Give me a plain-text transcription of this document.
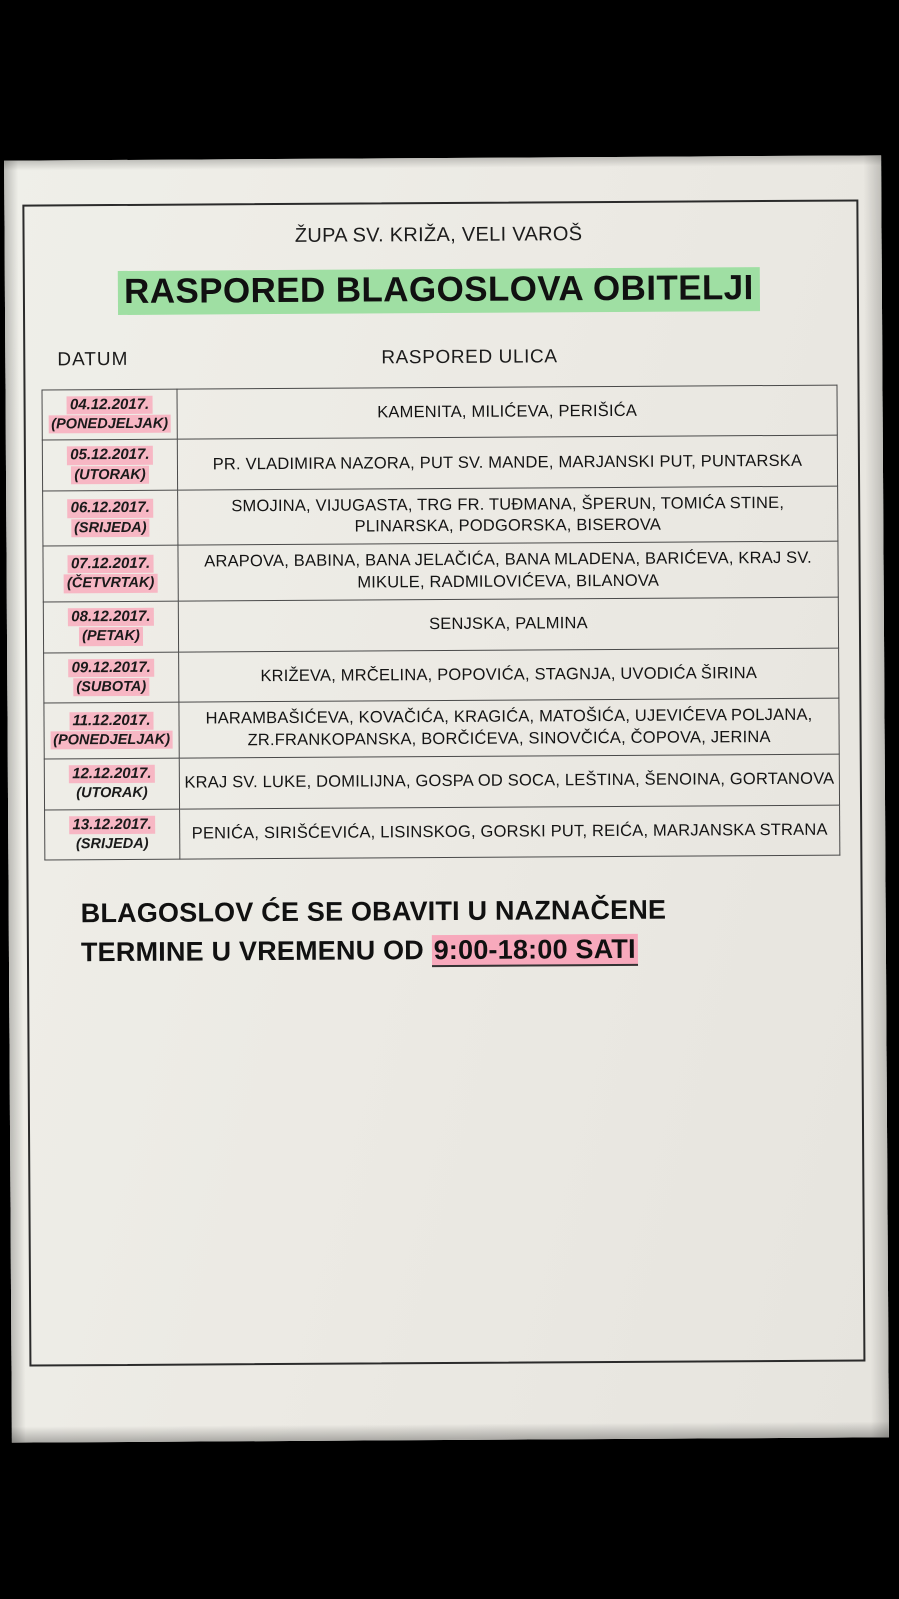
ŽUPA SV. KRIŽA, VELI VAROŠ
RASPORED BLAGOSLOVA OBITELJI
DATUM	RASPORED ULICA
04.12.2017.
(PONEDJELJAK)	KAMENITA, MILIĆEVA, PERIŠIĆA

05.12.2017.
(UTORAK)	PR. VLADIMIRA NAZORA, PUT SV. MANDE, MARJANSKI PUT, PUNTARSKA

06.12.2017.
(SRIJEDA)	SMOJINA, VIJUGASTA, TRG FR. TUĐMANA, ŠPERUN, TOMIĆA STINE, PLINARSKA, PODGORSKA, BISEROVA

07.12.2017.
(ČETVRTAK)	ARAPOVA, BABINA, BANA JELAČIĆA, BANA MLADENA, BARIĆEVA, KRAJ SV. MIKULE, RADMILOVIĆEVA, BILANOVA

08.12.2017.
(PETAK)	SENJSKA, PALMINA

09.12.2017.
(SUBOTA)	KRIŽEVA, MRČELINA, POPOVIĆA, STAGNJA, UVODIĆA ŠIRINA

11.12.2017.
(PONEDJELJAK)	HARAMBAŠIĆEVA, KOVAČIĆA, KRAGIĆA, MATOŠIĆA, UJEVIĆEVA POLJANA, ZR.FRANKOPANSKA, BORČIĆEVA, SINOVČIĆA, ČOPOVA, JERINA

12.12.2017.
(UTORAK)	KRAJ SV. LUKE, DOMILIJNA, GOSPA OD SOCA, LEŠTINA, ŠENOINA, GORTANOVA

13.12.2017.
(SRIJEDA)	PENIĆA, SIRIŠĆEVIĆA, LISINSKOG, GORSKI PUT, REIĆA, MARJANSKA STRANA
BLAGOSLOV ĆE SE OBAVITI U NAZNAČENE
TERMINE U VREMENU OD 9:00-18:00 SATI
